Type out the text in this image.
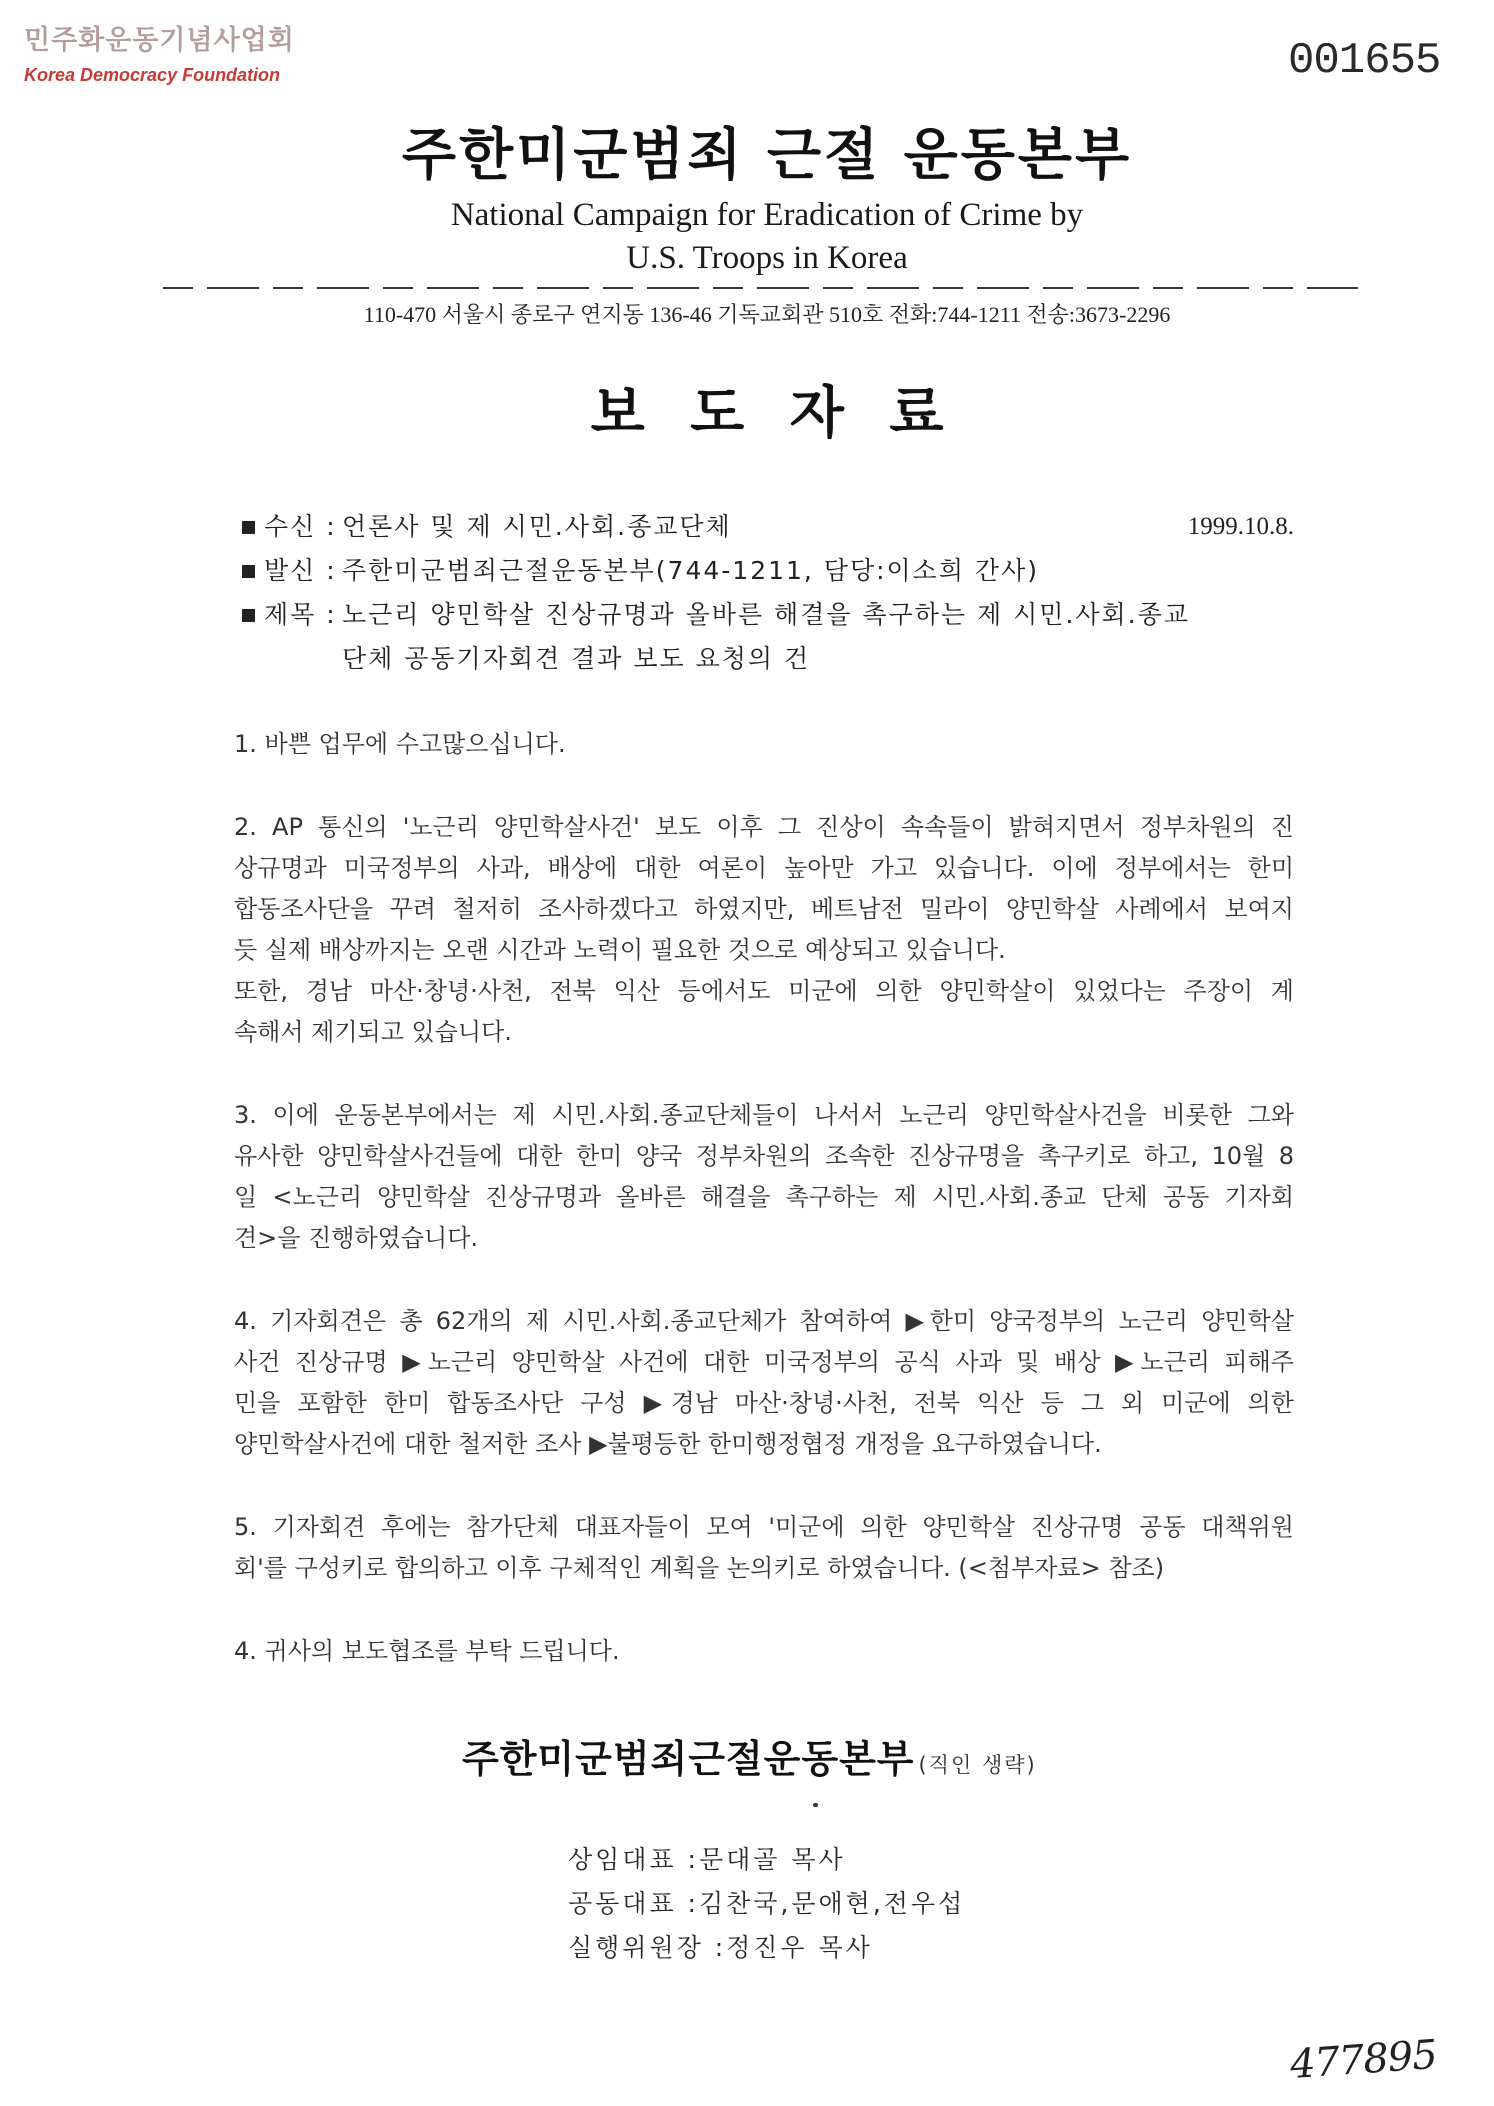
민주화운동기념사업회
Korea Democracy Foundation	001655
주한미군범죄 근절 운동본부
National Campaign for Eradication of Crime by
U.S. Troops in Korea
110-470 서울시 종로구 연지동 136-46 기독교회관 510호 전화:744-1211 전송:3673-2296
보 도 자 료
수신 : 언론사 및 제 시민.사회.종교단체	1999.10.8.
발신 : 주한미군범죄근절운동본부(744-1211, 담당:이소희 간사)
제목 : 노근리 양민학살 진상규명과 올바른 해결을 촉구하는 제 시민.사회.종교
단체 공동기자회견 결과 보도 요청의 건
1. 바쁜 업무에 수고많으십니다.
2. AP 통신의 '노근리 양민학살사건' 보도 이후 그 진상이 속속들이 밝혀지면서 정부차원의 진
상규명과 미국정부의 사과, 배상에 대한 여론이 높아만 가고 있습니다. 이에 정부에서는 한미
합동조사단을 꾸려 철저히 조사하겠다고 하였지만, 베트남전 밀라이 양민학살 사례에서 보여지
듯 실제 배상까지는 오랜 시간과 노력이 필요한 것으로 예상되고 있습니다.
또한, 경남 마산·창녕·사천, 전북 익산 등에서도 미군에 의한 양민학살이 있었다는 주장이 계
속해서 제기되고 있습니다.
3. 이에 운동본부에서는 제 시민.사회.종교단체들이 나서서 노근리 양민학살사건을 비롯한 그와
유사한 양민학살사건들에 대한 한미 양국 정부차원의 조속한 진상규명을 촉구키로 하고, 10월 8
일 <노근리 양민학살 진상규명과 올바른 해결을 촉구하는 제 시민.사회.종교 단체 공동 기자회
견>을 진행하였습니다.
4. 기자회견은 총 62개의 제 시민.사회.종교단체가 참여하여 ▶한미 양국정부의 노근리 양민학살
사건 진상규명 ▶노근리 양민학살 사건에 대한 미국정부의 공식 사과 및 배상 ▶노근리 피해주
민을 포함한 한미 합동조사단 구성 ▶경남 마산·창녕·사천, 전북 익산 등 그 외 미군에 의한
양민학살사건에 대한 철저한 조사 ▶불평등한 한미행정협정 개정을 요구하였습니다.
5. 기자회견 후에는 참가단체 대표자들이 모여 '미군에 의한 양민학살 진상규명 공동 대책위원
회'를 구성키로 합의하고 이후 구체적인 계획을 논의키로 하였습니다. (<첨부자료> 참조)
4. 귀사의 보도협조를 부탁 드립니다.
주한미군범죄근절운동본부 (직인 생략)
상임대표 :문대골 목사
공동대표 :김찬국,문애현,전우섭
실행위원장 :정진우 목사
477895
